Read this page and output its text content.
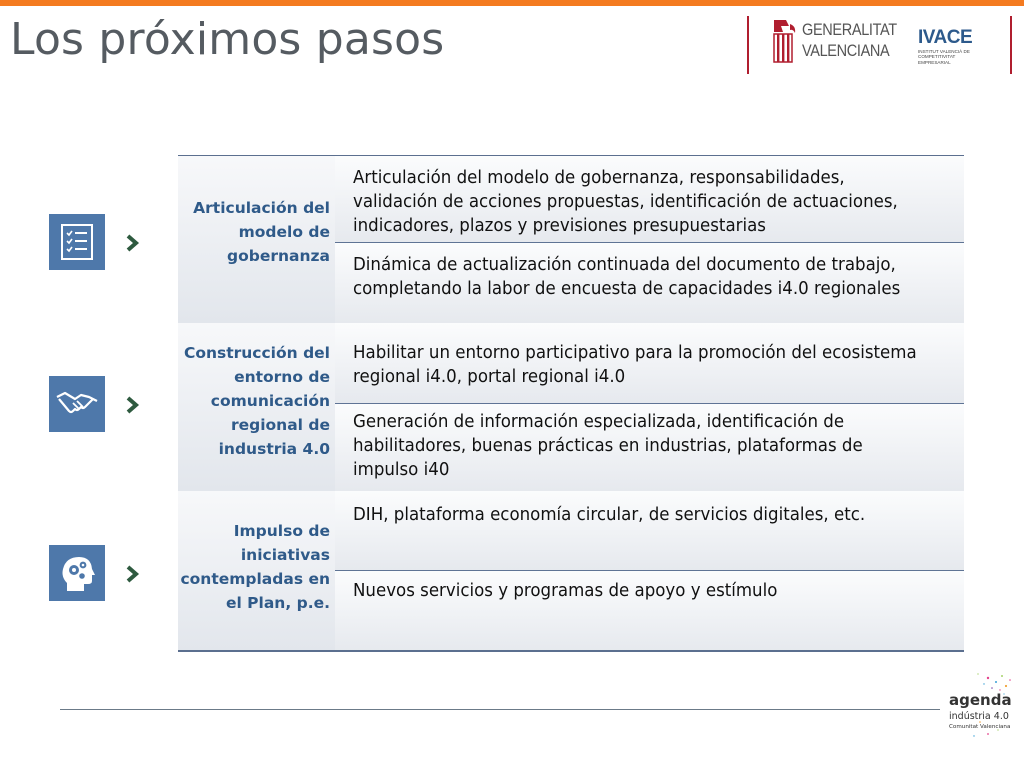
Los próximos pasos	GENERALITAT
VALENCIANA
IVACE
INSTITUT VALENCIÀ DE COMPETITIVITAT EMPRESARIAL
Articulación del modelo de gobernanza
Articulación del modelo de gobernanza, responsabilidades, validación de acciones propuestas, identificación de actuaciones, indicadores, plazos y previsiones presupuestarias
Dinámica de actualización continuada del documento de trabajo, completando la labor de encuesta de capacidades i4.0 regionales
Construcción del entorno de comunicación regional de industria 4.0
Habilitar un entorno participativo para la promoción del ecosistema regional i4.0, portal regional i4.0
Generación de información especializada, identificación de habilitadores, buenas prácticas en industrias, plataformas de impulso i40
Impulso de iniciativas contempladas en el Plan, p.e.
DIH, plataforma economía circular, de servicios digitales, etc.
Nuevos servicios y programas de apoyo y estímulo
agenda
indústria 4.0
Comunitat Valenciana
